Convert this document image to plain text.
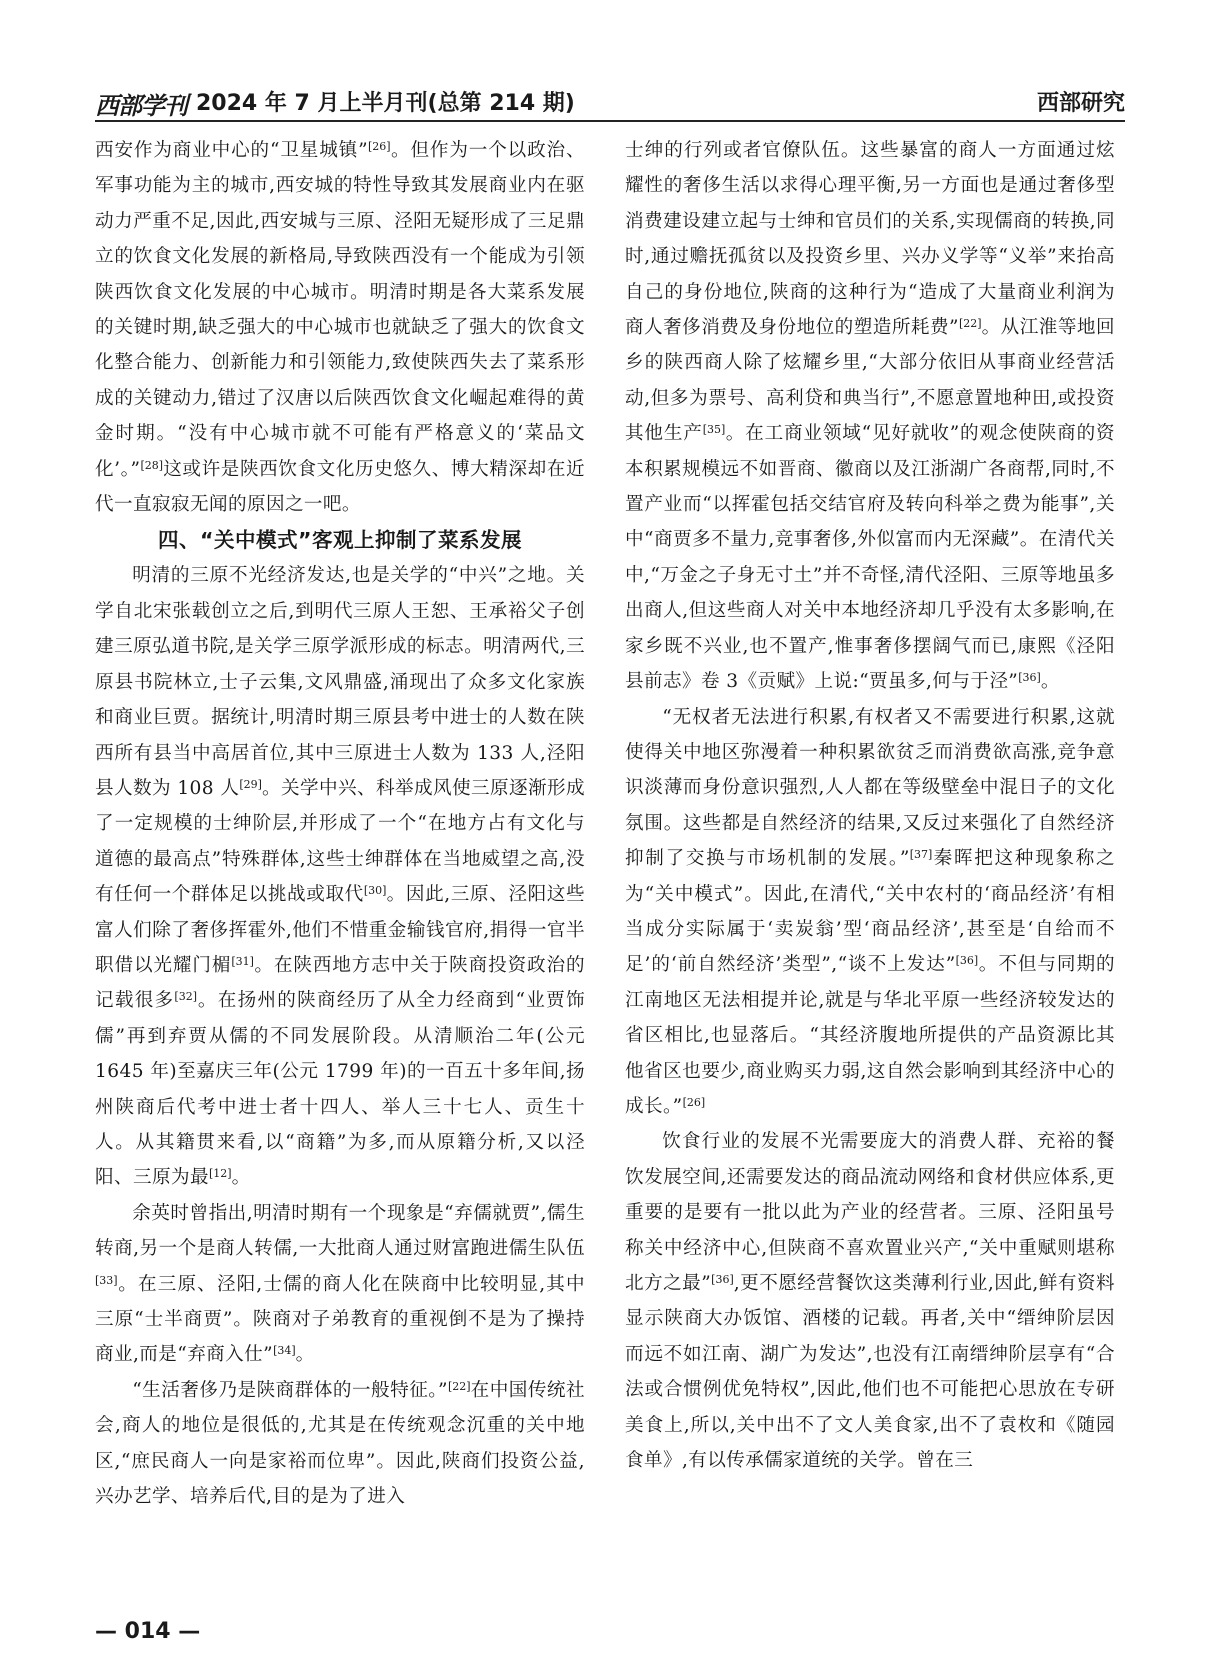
西部学刊 2024 年 7 月上半月刊(总第 214 期)	西部研究

西安作为商业中心的“卫星城镇”[26]。但作为一个以政治、军事功能为主的城市,西安城的特性导致其发展商业内在驱动力严重不足,因此,西安城与三原、泾阳无疑形成了三足鼎立的饮食文化发展的新格局,导致陕西没有一个能成为引领陕西饮食文化发展的中心城市。明清时期是各大菜系发展的关键时期,缺乏强大的中心城市也就缺乏了强大的饮食文化整合能力、创新能力和引领能力,致使陕西失去了菜系形成的关键动力,错过了汉唐以后陕西饮食文化崛起难得的黄金时期。“没有中心城市就不可能有严格意义的‘菜品文化’。”[28]这或许是陕西饮食文化历史悠久、博大精深却在近代一直寂寂无闻的原因之一吧。

四、“关中模式”客观上抑制了菜系发展

明清的三原不光经济发达,也是关学的“中兴”之地。关学自北宋张载创立之后,到明代三原人王恕、王承裕父子创建三原弘道书院,是关学三原学派形成的标志。明清两代,三原县书院林立,士子云集,文风鼎盛,涌现出了众多文化家族和商业巨贾。据统计,明清时期三原县考中进士的人数在陕西所有县当中高居首位,其中三原进士人数为 133 人,泾阳县人数为 108 人[29]。关学中兴、科举成风使三原逐渐形成了一定规模的士绅阶层,并形成了一个“在地方占有文化与道德的最高点”特殊群体,这些士绅群体在当地威望之高,没有任何一个群体足以挑战或取代[30]。因此,三原、泾阳这些富人们除了奢侈挥霍外,他们不惜重金输钱官府,捐得一官半职借以光耀门楣[31]。在陕西地方志中关于陕商投资政治的记载很多[32]。在扬州的陕商经历了从全力经商到“业贾饰儒”再到弃贾从儒的不同发展阶段。从清顺治二年(公元 1645 年)至嘉庆三年(公元 1799 年)的一百五十多年间,扬州陕商后代考中进士者十四人、举人三十七人、贡生十人。从其籍贯来看,以“商籍”为多,而从原籍分析,又以泾阳、三原为最[12]。

余英时曾指出,明清时期有一个现象是“弃儒就贾”,儒生转商,另一个是商人转儒,一大批商人通过财富跑进儒生队伍[33]。在三原、泾阳,士儒的商人化在陕商中比较明显,其中三原“士半商贾”。陕商对子弟教育的重视倒不是为了操持商业,而是“弃商入仕”[34]。

“生活奢侈乃是陕商群体的一般特征。”[22]在中国传统社会,商人的地位是很低的,尤其是在传统观念沉重的关中地区,“庶民商人一向是家裕而位卑”。因此,陕商们投资公益,兴办艺学、培养后代,目的是为了进入

士绅的行列或者官僚队伍。这些暴富的商人一方面通过炫耀性的奢侈生活以求得心理平衡,另一方面也是通过奢侈型消费建设建立起与士绅和官员们的关系,实现儒商的转换,同时,通过赡抚孤贫以及投资乡里、兴办义学等“义举”来抬高自己的身份地位,陕商的这种行为“造成了大量商业利润为商人奢侈消费及身份地位的塑造所耗费”[22]。从江淮等地回乡的陕西商人除了炫耀乡里,“大部分依旧从事商业经营活动,但多为票号、高利贷和典当行”,不愿意置地种田,或投资其他生产[35]。在工商业领域“见好就收”的观念使陕商的资本积累规模远不如晋商、徽商以及江浙湖广各商帮,同时,不置产业而“以挥霍包括交结官府及转向科举之费为能事”,关中“商贾多不量力,竞事奢侈,外似富而内无深藏”。在清代关中,“万金之子身无寸土”并不奇怪,清代泾阳、三原等地虽多出商人,但这些商人对关中本地经济却几乎没有太多影响,在家乡既不兴业,也不置产,惟事奢侈摆阔气而已,康熙《泾阳县前志》卷 3《贡赋》上说:“贾虽多,何与于泾”[36]。

“无权者无法进行积累,有权者又不需要进行积累,这就使得关中地区弥漫着一种积累欲贫乏而消费欲高涨,竞争意识淡薄而身份意识强烈,人人都在等级壁垒中混日子的文化氛围。这些都是自然经济的结果,又反过来强化了自然经济抑制了交换与市场机制的发展。”[37]秦晖把这种现象称之为“关中模式”。因此,在清代,“关中农村的‘商品经济’有相当成分实际属于‘卖炭翁’型‘商品经济’,甚至是‘自给而不足’的‘前自然经济’类型”,“谈不上发达”[36]。不但与同期的江南地区无法相提并论,就是与华北平原一些经济较发达的省区相比,也显落后。“其经济腹地所提供的产品资源比其他省区也要少,商业购买力弱,这自然会影响到其经济中心的成长。”[26]

饮食行业的发展不光需要庞大的消费人群、充裕的餐饮发展空间,还需要发达的商品流动网络和食材供应体系,更重要的是要有一批以此为产业的经营者。三原、泾阳虽号称关中经济中心,但陕商不喜欢置业兴产,“关中重赋则堪称北方之最”[36],更不愿经营餐饮这类薄利行业,因此,鲜有资料显示陕商大办饭馆、酒楼的记载。再者,关中“缙绅阶层因而远不如江南、湖广为发达”,也没有江南缙绅阶层享有“合法或合惯例优免特权”,因此,他们也不可能把心思放在专研美食上,所以,关中出不了文人美食家,出不了袁枚和《随园食单》,有以传承儒家道统的关学。曾在三

— 014 —
